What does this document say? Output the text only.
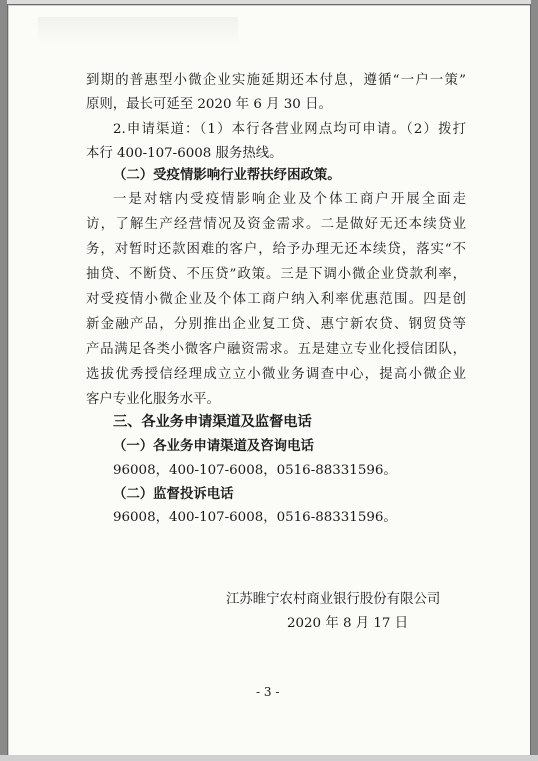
到期的普惠型小微企业实施延期还本付息，遵循“一户一策”
原则，最长可延至 2020 年 6 月 30 日。
2.申请渠道：（1）本行各营业网点均可申请。（2）拨打
本行 400-107-6008 服务热线。
（二）受疫情影响行业帮扶纾困政策。
一是对辖内受疫情影响企业及个体工商户开展全面走
访，了解生产经营情况及资金需求。二是做好无还本续贷业
务，对暂时还款困难的客户，给予办理无还本续贷，落实“不
抽贷、不断贷、不压贷”政策。三是下调小微企业贷款利率，
对受疫情小微企业及个体工商户纳入利率优惠范围。四是创
新金融产品，分别推出企业复工贷、惠宁新农贷、钢贸贷等
产品满足各类小微客户融资需求。五是建立专业化授信团队，
选拔优秀授信经理成立立小微业务调查中心，提高小微企业
客户专业化服务水平。
三、各业务申请渠道及监督电话
（一）各业务申请渠道及咨询电话
96008，400-107-6008，0516-88331596。
（二）监督投诉电话
96008，400-107-6008，0516-88331596。
江苏睢宁农村商业银行股份有限公司
2020 年 8 月 17 日
- 3 -
